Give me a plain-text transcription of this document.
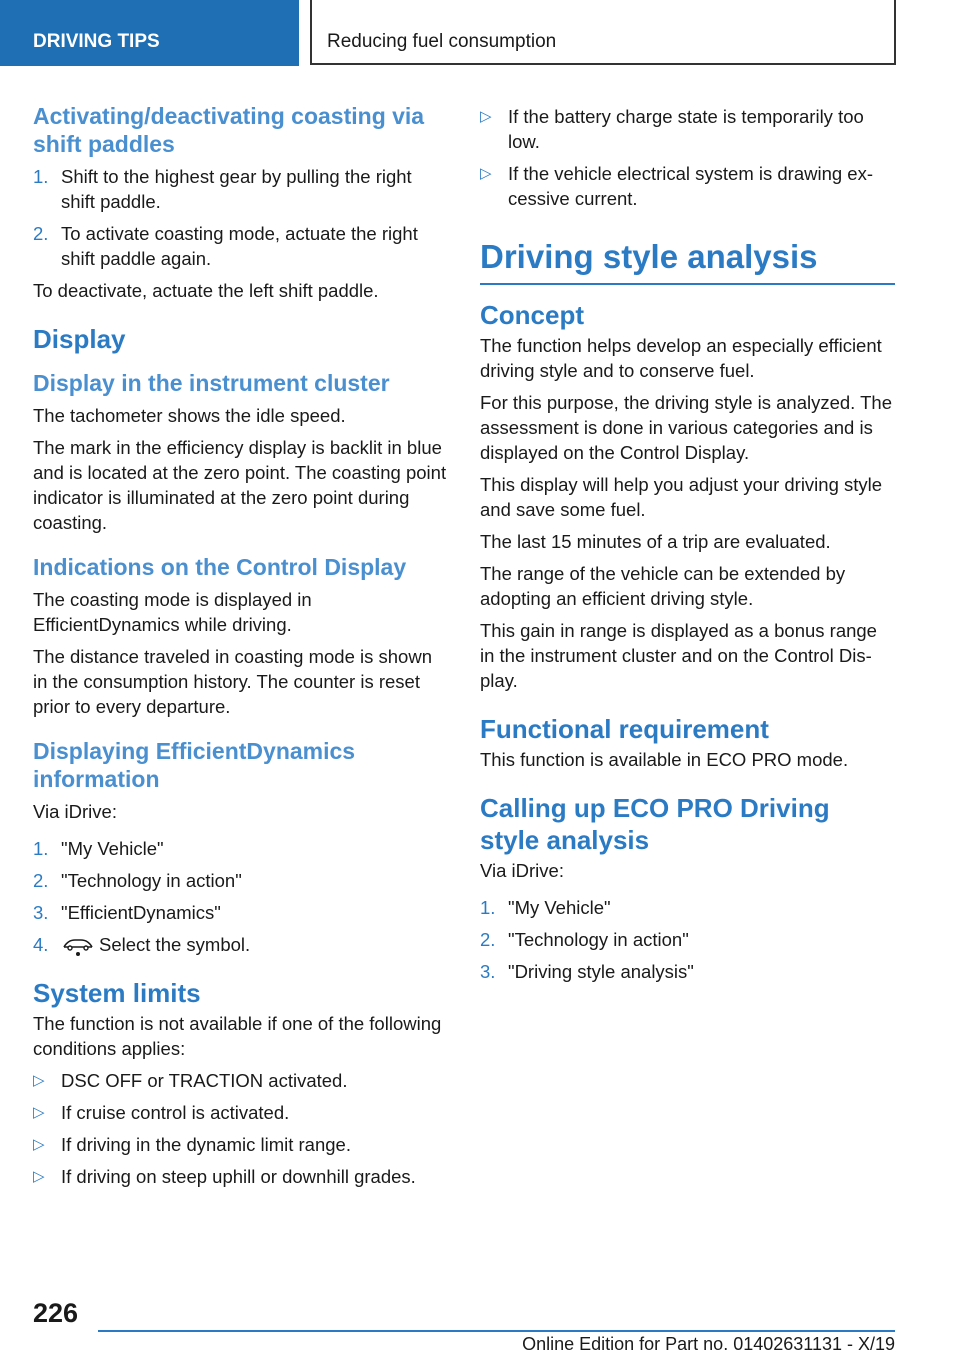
DRIVING TIPS	Reducing fuel consumption
Activating/deactivating coasting via shift paddles
1. Shift to the highest gear by pulling the right shift paddle.
2. To activate coasting mode, actuate the right shift paddle again.

To deactivate, actuate the left shift paddle.

Display
Display in the instrument cluster

The tachometer shows the idle speed.

The mark in the efficiency display is backlit in blue and is located at the zero point. The coasting point indicator is illuminated at the zero point during coasting.

Indications on the Control Display

The coasting mode is displayed in EfficientDynamics while driving.

The distance traveled in coasting mode is shown in the consumption history. The counter is reset prior to every departure.

Displaying EfficientDynamics information

Via iDrive:

1. "My Vehicle"
2. "Technology in action"
3. "EfficientDynamics"
4.	Select the symbol.
System limits

The function is not available if one of the following conditions applies:

▷ DSC OFF or TRACTION activated.
▷ If cruise control is activated.
▷ If driving in the dynamic limit range.
▷ If driving on steep uphill or downhill grades.
▷ If the battery charge state is temporarily too low.
▷ If the vehicle electrical system is drawing excessive current.
Driving style analysis
Concept

The function helps develop an especially efficient driving style and to conserve fuel.

For this purpose, the driving style is analyzed. The assessment is done in various categories and is displayed on the Control Display.

This display will help you adjust your driving style and save some fuel.

The last 15 minutes of a trip are evaluated.

The range of the vehicle can be extended by adopting an efficient driving style.

This gain in range is displayed as a bonus range in the instrument cluster and on the Control Display.

Functional requirement

This function is available in ECO PRO mode.

Calling up ECO PRO Driving style analysis

Via iDrive:

1. "My Vehicle"
2. "Technology in action"
3. "Driving style analysis"
226
Online Edition for Part no. 01402631131 - X/19
